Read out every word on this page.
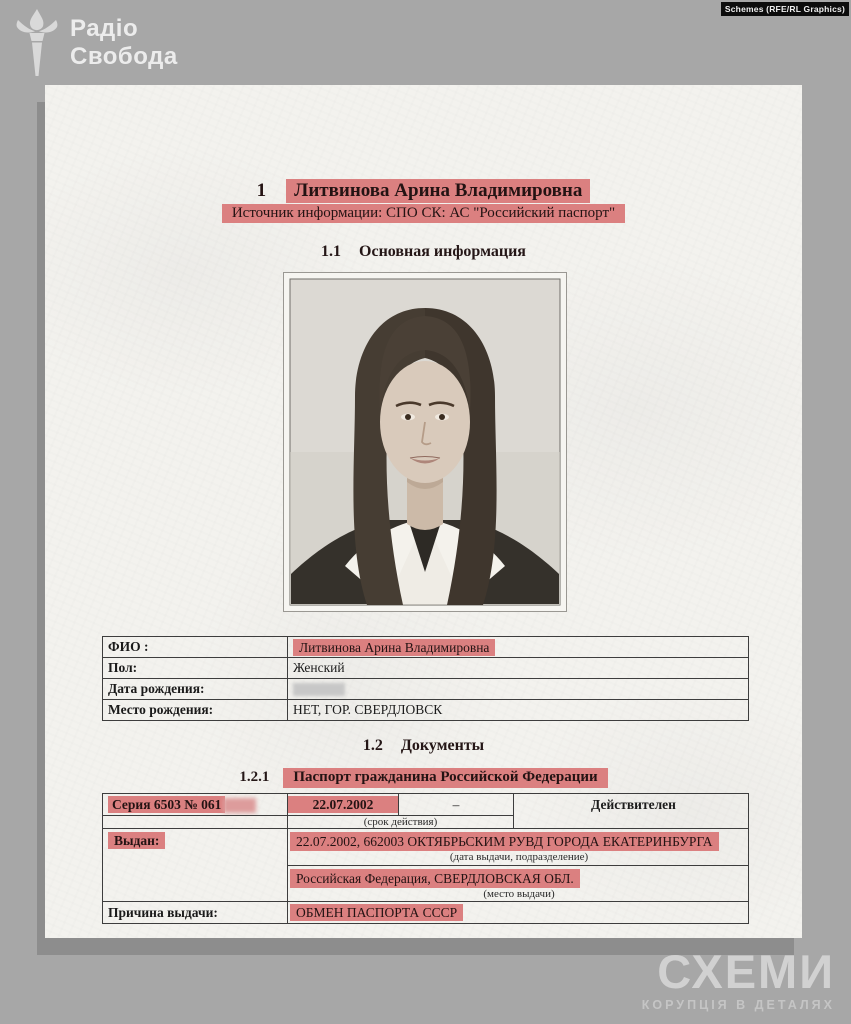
Радіо
Свобода
Schemes (RFE/RL Graphics)
1	Литвинова Арина Владимировна
Источник информации: СПО СК: АС "Российский паспорт"
1.1 Основная информация
ФИО :	Литвинова Арина Владимировна
Пол:	Женский
Дата рождения:	
Место рождения:	НЕТ, ГОР. СВЕРДЛОВСК
1.2 Документы
1.2.1	Паспорт гражданина Российской Федерации
Серия 6503 № 061	22.07.2002	–	Действителен
	(срок действия)		
Выдан:	22.07.2002, 662003 ОКТЯБРЬСКИМ РУВД ГОРОДА ЕКАТЕРИНБУРГА
(дата выдачи, подразделение)		

	Российская Федерация, СВЕРДЛОВСКАЯ ОБЛ.
(место выдачи)		

Причина выдачи:	ОБМЕН ПАСПОРТА СССР		
СХЕМИ
КОРУПЦІЯ В ДЕТАЛЯХ
